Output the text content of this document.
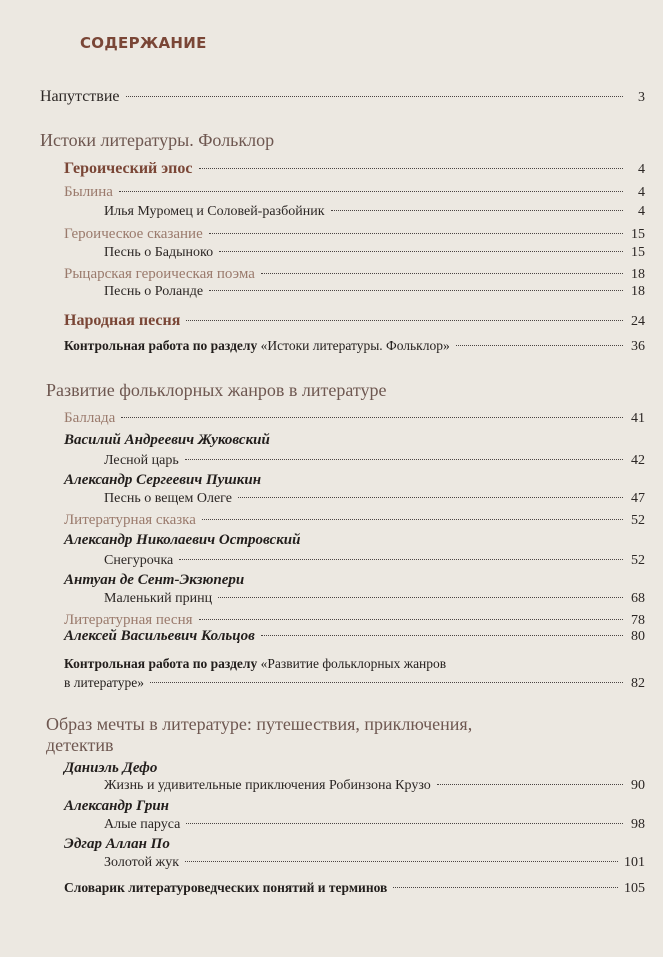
СОДЕРЖАНИЕ
Напутствие	3
Истоки литературы. Фольклор
Героический эпос	4
Былина	4
Илья Муромец и Соловей-разбойник	4
Героическое сказание	15
Песнь о Бадыноко	15
Рыцарская героическая поэма	18
Песнь о Роланде	18
Народная песня	24
Контрольная работа по разделу «Истоки литературы. Фольклор»	36
Развитие фольклорных жанров в литературе
Баллада	41
Василий Андреевич Жуковский
Лесной царь	42
Александр Сергеевич Пушкин
Песнь о вещем Олеге	47
Литературная сказка	52
Александр Николаевич Островский
Снегурочка	52
Антуан де Сент-Экзюпери
Маленький принц	68
Литературная песня	78
Алексей Васильевич Кольцов	80
Контрольная работа по разделу «Развитие фольклорных жанров
в литературе»	82
Образ мечты в литературе: путешествия, приключения,
детектив
Даниэль Дефо
Жизнь и удивительные приключения Робинзона Крузо	90
Александр Грин
Алые паруса	98
Эдгар Аллан По
Золотой жук	101
Словарик литературоведческих понятий и терминов	105
